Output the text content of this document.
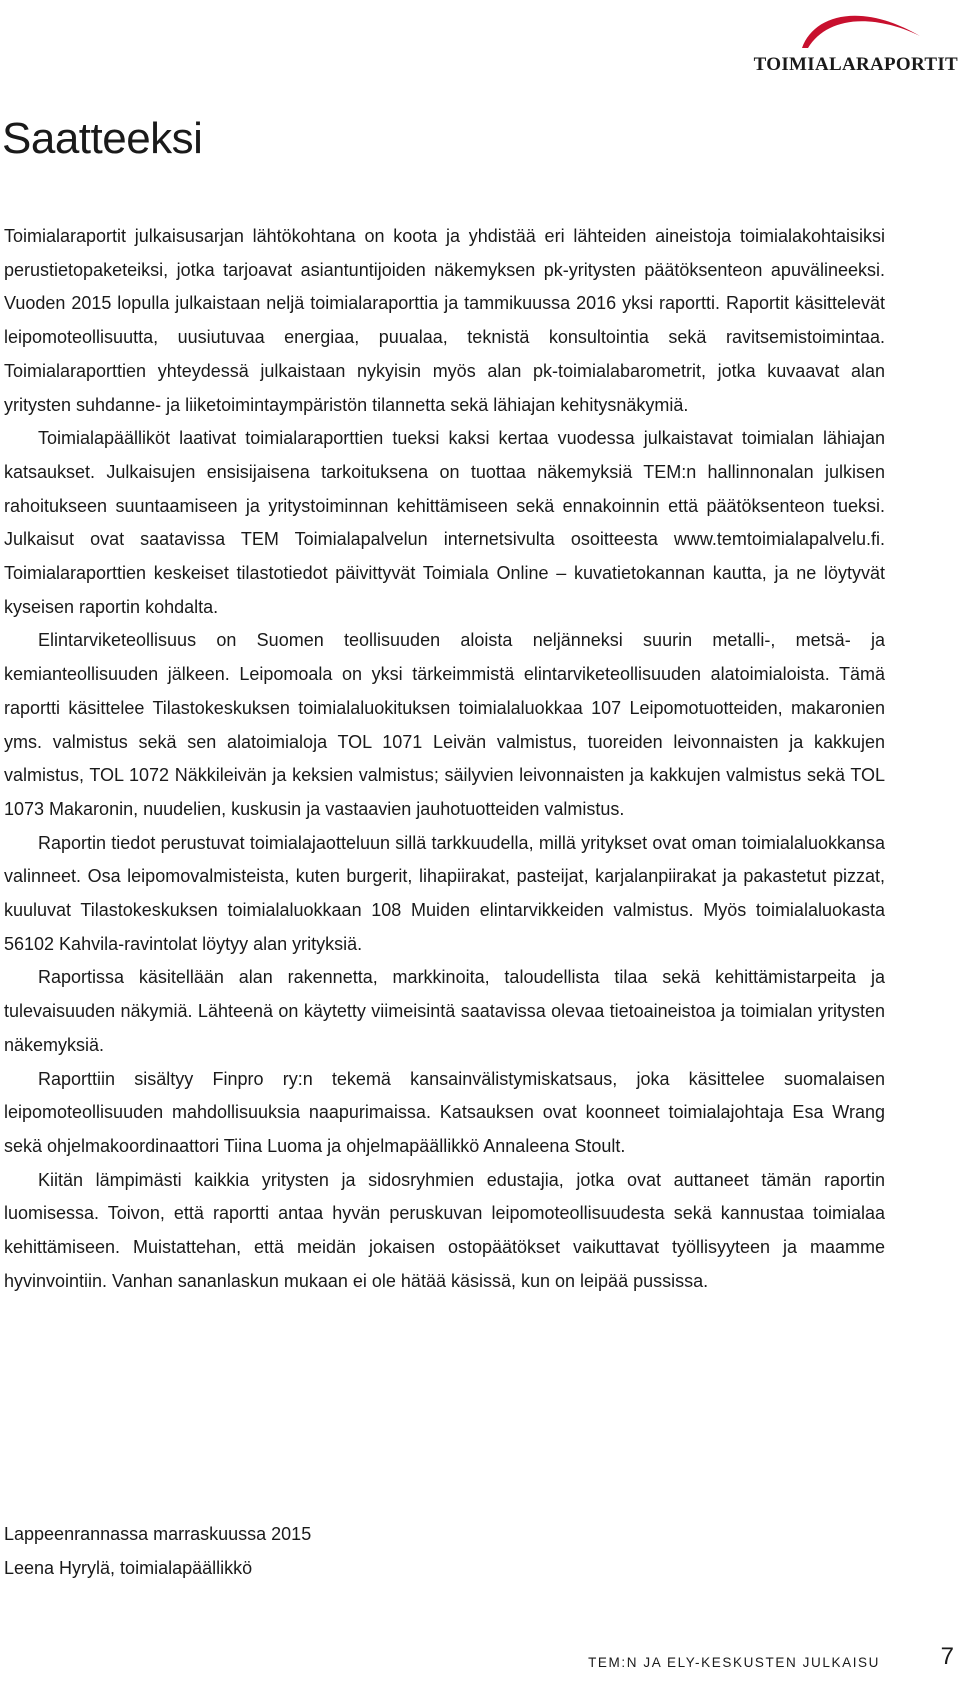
TOIMIALARAPORTIT
Saatteeksi

Toimialaraportit julkaisusarjan lähtökohtana on koota ja yhdistää eri lähteiden aineistoja toimialakohtaisiksi perustietopaketeiksi, jotka tarjoavat asiantuntijoiden näkemyksen pk-yritysten päätöksenteon apuvälineeksi. Vuoden 2015 lopulla julkaistaan neljä toimialaraporttia ja tammikuussa 2016 yksi raportti. Raportit käsittelevät leipomoteollisuutta, uusiutuvaa energiaa, puualaa, teknistä konsultointia sekä ravitsemistoimintaa. Toimialaraporttien yhteydessä julkaistaan nykyisin myös alan pk-toimialabarometrit, jotka kuvaavat alan yritysten suhdanne- ja liiketoimintaympäristön tilannetta sekä lähiajan kehitysnäkymiä.

Toimialapäälliköt laativat toimialaraporttien tueksi kaksi kertaa vuodessa julkaistavat toimialan lähiajan katsaukset. Julkaisujen ensisijaisena tarkoituksena on tuottaa näkemyksiä TEM:n hallinnonalan julkisen rahoitukseen suuntaamiseen ja yritystoiminnan kehittämiseen sekä ennakoinnin että päätöksenteon tueksi. Julkaisut ovat saatavissa TEM Toimialapalvelun internetsivulta osoitteesta www.temtoimialapalvelu.fi. Toimialaraporttien keskeiset tilastotiedot päivittyvät Toimiala Online – kuvatietokannan kautta, ja ne löytyvät kyseisen raportin kohdalta.

Elintarviketeollisuus on Suomen teollisuuden aloista neljänneksi suurin metalli-, metsä- ja kemianteollisuuden jälkeen. Leipomoala on yksi tärkeimmistä elintarviketeollisuuden alatoimialoista. Tämä raportti käsittelee Tilastokeskuksen toimialaluokituksen toimialaluokkaa 107 Leipomotuotteiden, makaronien yms. valmistus sekä sen alatoimialoja TOL 1071 Leivän valmistus, tuoreiden leivonnaisten ja kakkujen valmistus, TOL 1072 Näkkileivän ja keksien valmistus; säilyvien leivonnaisten ja kakkujen valmistus sekä TOL 1073 Makaronin, nuudelien, kuskusin ja vastaavien jauhotuotteiden valmistus.

Raportin tiedot perustuvat toimialajaotteluun sillä tarkkuudella, millä yritykset ovat oman toimialaluokkansa valinneet. Osa leipomovalmisteista, kuten burgerit, lihapiirakat, pasteijat, karjalanpiirakat ja pakastetut pizzat, kuuluvat Tilastokeskuksen toimialaluokkaan 108 Muiden elintarvikkeiden valmistus. Myös toimialaluokasta 56102 Kahvila-ravintolat löytyy alan yrityksiä.

Raportissa käsitellään alan rakennetta, markkinoita, taloudellista tilaa sekä kehittämistarpeita ja tulevaisuuden näkymiä. Lähteenä on käytetty viimeisintä saatavissa olevaa tietoaineistoa ja toimialan yritysten näkemyksiä.

Raporttiin sisältyy Finpro ry:n tekemä kansainvälistymiskatsaus, joka käsittelee suomalaisen leipomoteollisuuden mahdollisuuksia naapurimaissa. Katsauksen ovat koonneet toimialajohtaja Esa Wrang sekä ohjelmakoordinaattori Tiina Luoma ja ohjelmapäällikkö Annaleena Stoult.

Kiitän lämpimästi kaikkia yritysten ja sidosryhmien edustajia, jotka ovat auttaneet tämän raportin luomisessa. Toivon, että raportti antaa hyvän peruskuvan leipomoteollisuudesta sekä kannustaa toimialaa kehittämiseen. Muistattehan, että meidän jokaisen ostopäätökset vaikuttavat työllisyyteen ja maamme hyvinvointiin. Vanhan sananlaskun mukaan ei ole hätää käsissä, kun on leipää pussissa.

Lappeenrannassa marraskuussa 2015
Leena Hyrylä, toimialapäällikkö
TEM:N JA ELY-KESKUSTEN JULKAISU	7
